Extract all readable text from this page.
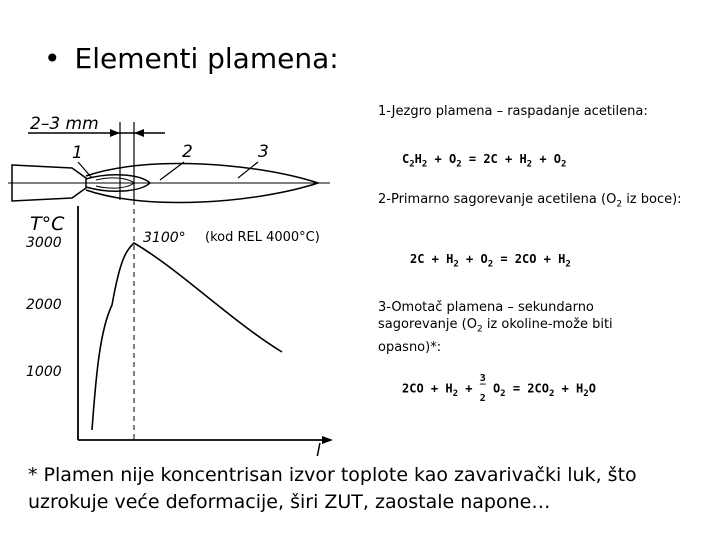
• Elementi plamena:
2–3 mm
1	2	3
T°C
3000
2000
1000
3100°
l
(kod REL 4000°C)
1-Jezgro plamena – raspadanje acetilena:
$C_2H_2 + O_2 = 2C + H_2 + O_2$
2-Primarno sagorevanje acetilena ($O_2$ iz boce):
$2C + H_2 + O_2 = 2CO + H_2$
3-Omotač plamena – sekundarno sagorevanje ($O_2$ iz okoline-može biti opasno)*:
$2CO + H_2 + 3$
‾
2 $O_2 = 2CO_2 + H_2O$
* Plamen nije koncentrisan izvor toplote kao zavarivački luk, što uzrokuje veće deformacije, širi ZUT, zaostale napone…
